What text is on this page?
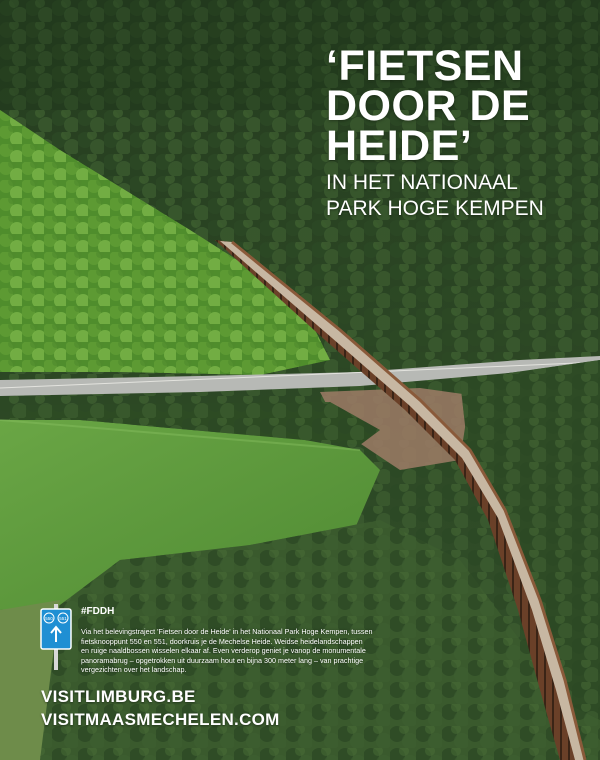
‘FIETSEN
DOOR DE
HEIDE’
IN HET NATIONAAL
PARK HOGE KEMPEN
550 551
#FDDH
Via het belevingstraject 'Fietsen door de Heide' in het Nationaal Park Hoge Kempen, tussen
fietsknooppunt 550 en 551, doorkruis je de Mechelse Heide. Weidse heidelandschappen
en ruige naaldbossen wisselen elkaar af. Even verderop geniet je vanop de monumentale
panoramabrug – opgetrokken uit duurzaam hout en bijna 300 meter lang – van prachtige
vergezichten over het landschap.
VISITLIMBURG.BE
VISITMAASMECHELEN.COM
